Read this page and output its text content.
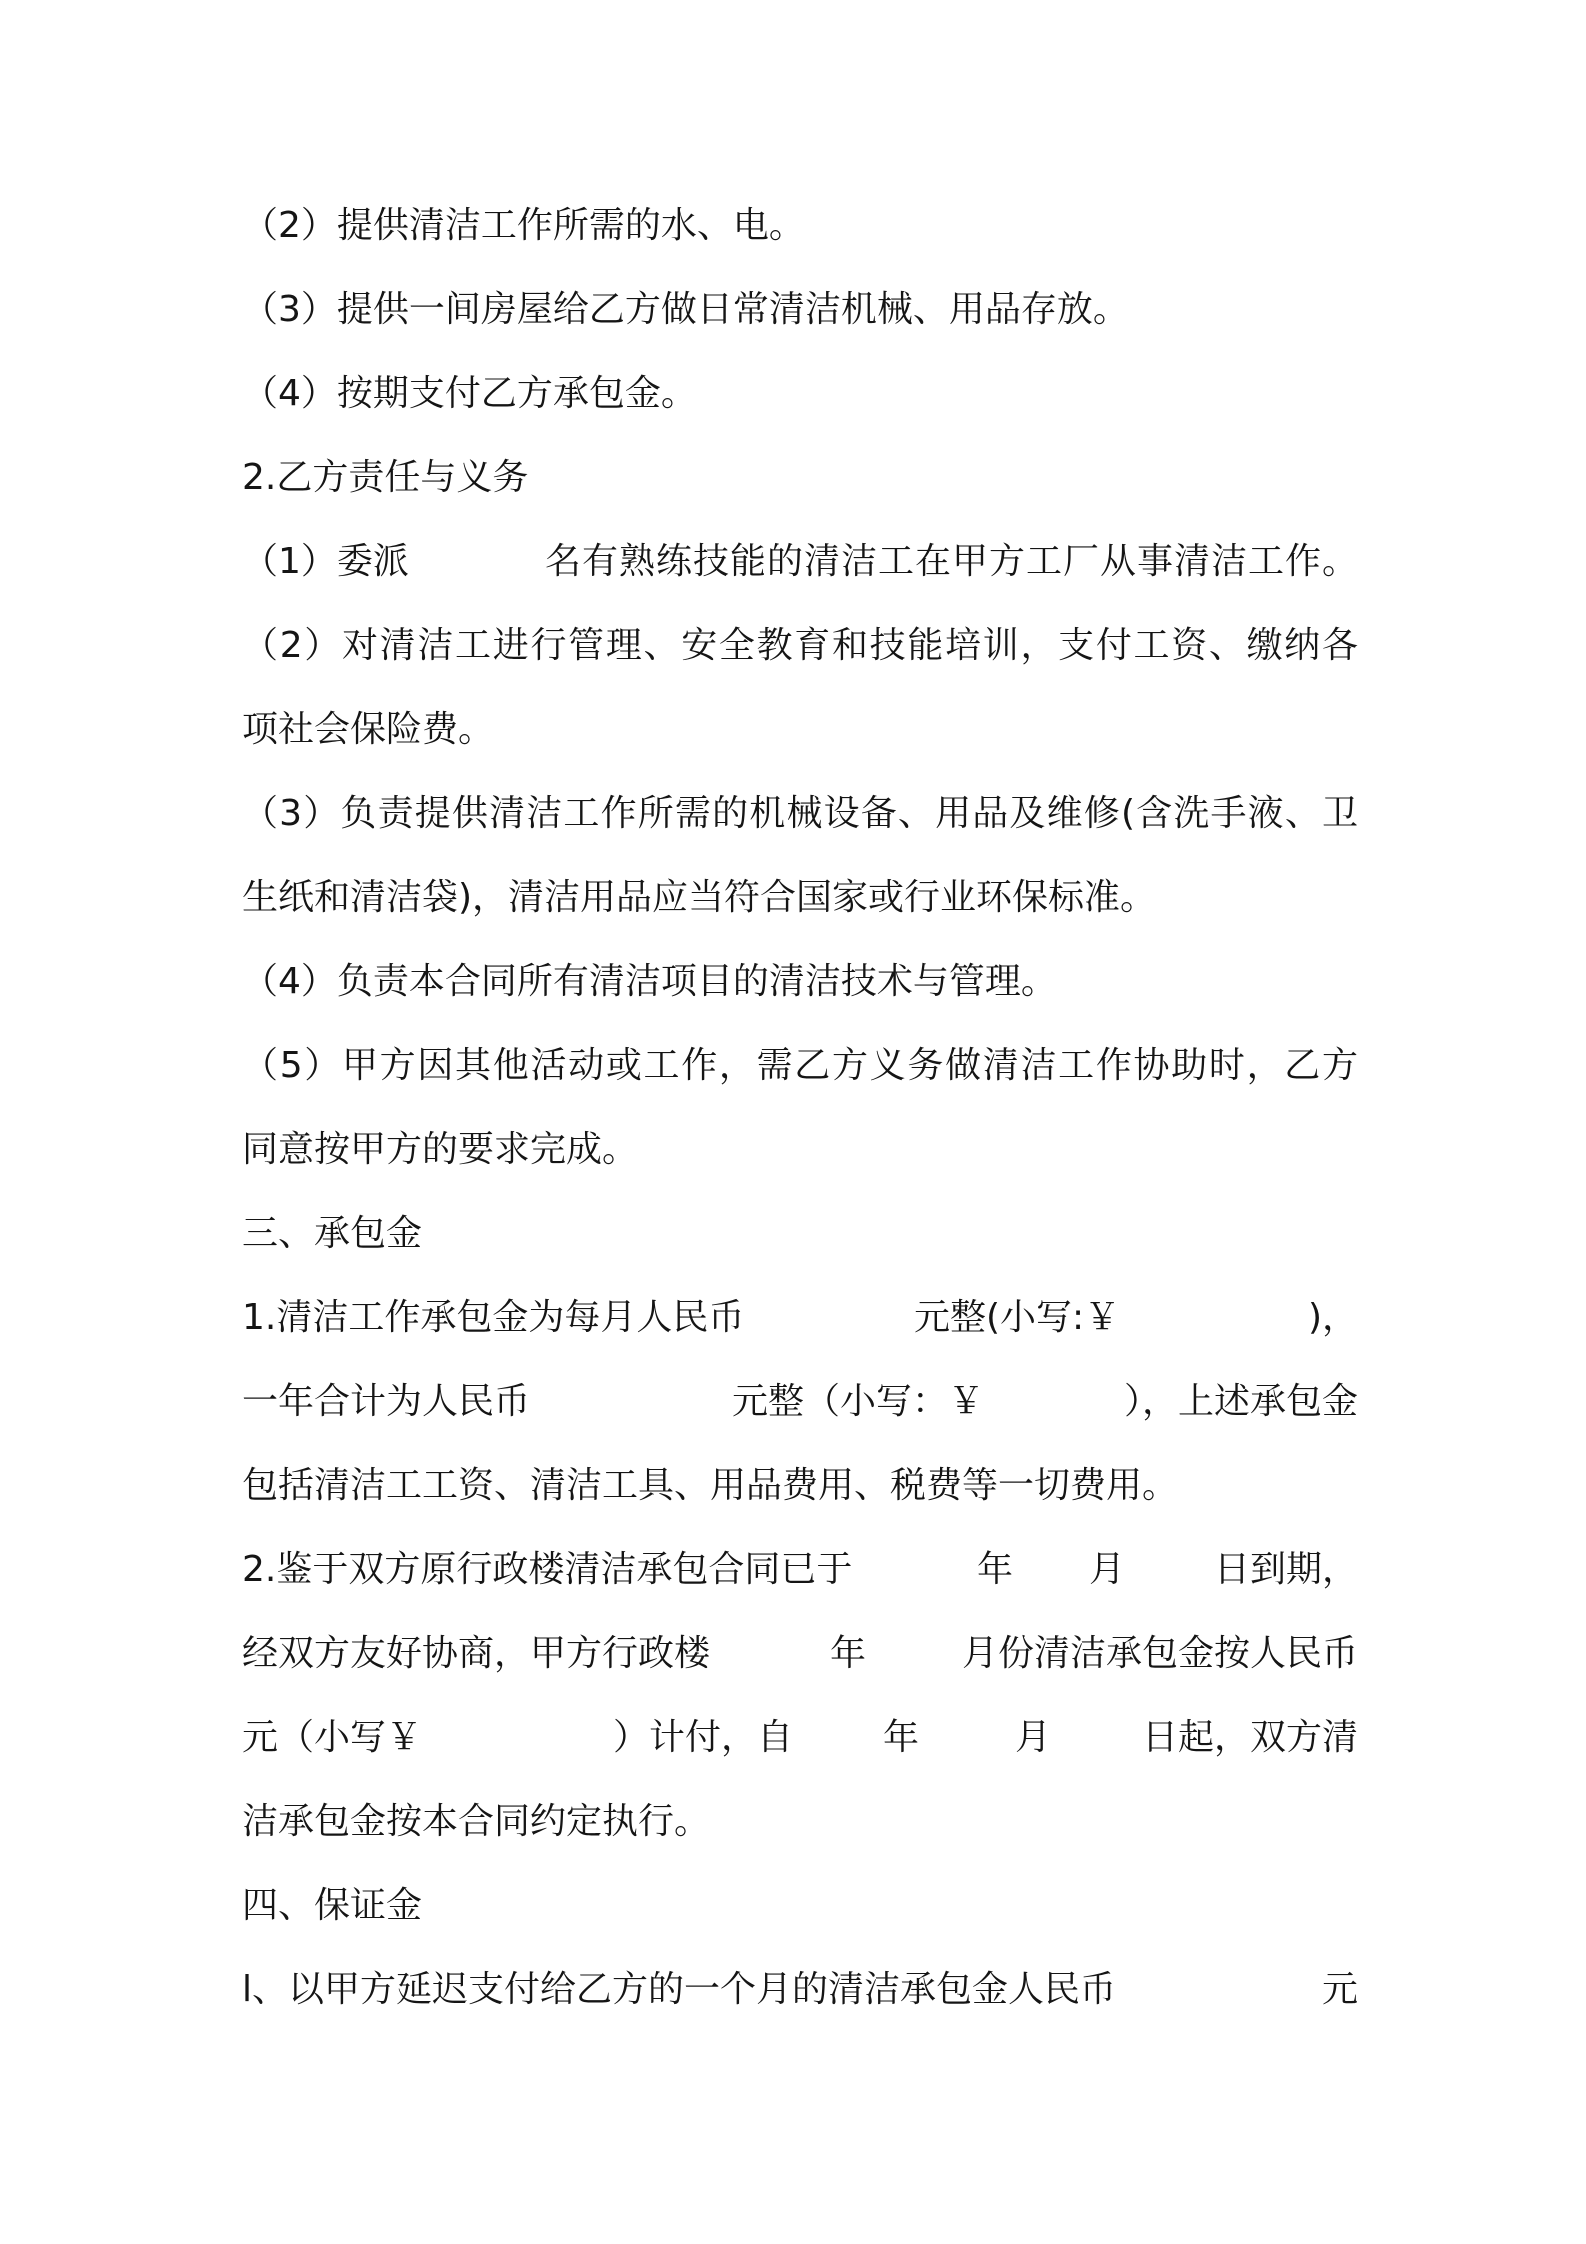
（2）提供清洁工作所需的水、电。
（3）提供一间房屋给乙方做日常清洁机械、用品存放。
（4）按期支付乙方承包金。
2.乙方责任与义务
（1）委派	名有熟练技能的清洁工在甲方工厂从事清洁工作。
（2）对清洁工进行管理、安全教育和技能培训，支付工资、缴纳各
项社会保险费。
（3）负责提供清洁工作所需的机械设备、用品及维修(含洗手液、卫
生纸和清洁袋)，清洁用品应当符合国家或行业环保标准。
（4）负责本合同所有清洁项目的清洁技术与管理。
（5）甲方因其他活动或工作，需乙方义务做清洁工作协助时，乙方
同意按甲方的要求完成。
三、承包金
1.清洁工作承包金为每月人民币	元整(小写:￥	)，
一年合计为人民币	元整（小写：￥	），上述承包金
包括清洁工工资、清洁工具、用品费用、税费等一切费用。
2.鉴于双方原行政楼清洁承包合同已于	年 月 日到期，
经双方友好协商，甲方行政楼	年	月份清洁承包金按人民币
元（小写￥	）计付，自 年	月	日起，双方清
洁承包金按本合同约定执行。
四、保证金
l、以甲方延迟支付给乙方的一个月的清洁承包金人民币	元
